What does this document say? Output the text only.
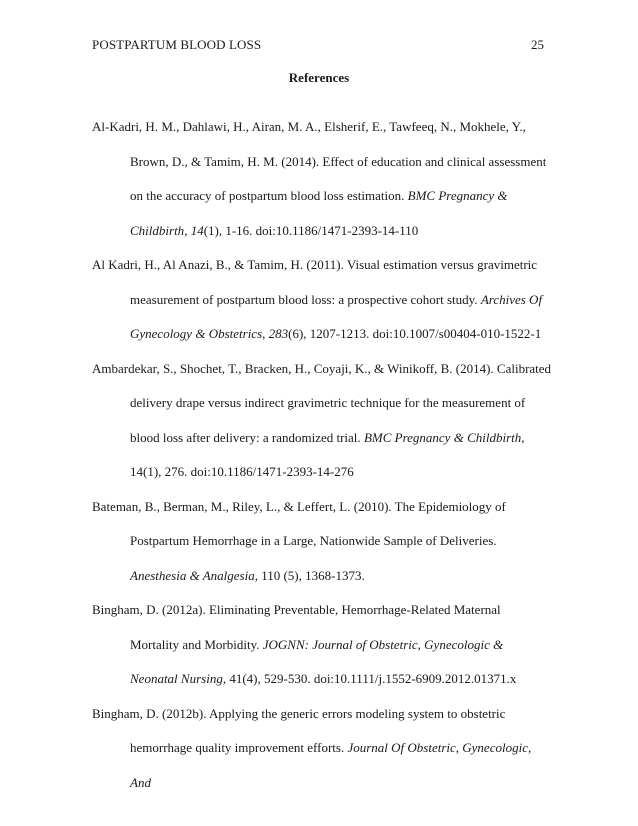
POSTPARTUM BLOOD LOSS	25
References

Al-Kadri, H. M., Dahlawi, H., Airan, M. A., Elsherif, E., Tawfeeq, N., Mokhele, Y., Brown, D., & Tamim, H. M. (2014). Effect of education and clinical assessment on the accuracy of postpartum blood loss estimation. BMC Pregnancy & Childbirth, 14(1), 1-16. doi:10.1186/1471-2393-14-110

Al Kadri, H., Al Anazi, B., & Tamim, H. (2011). Visual estimation versus gravimetric measurement of postpartum blood loss: a prospective cohort study. Archives Of Gynecology & Obstetrics, 283(6), 1207-1213. doi:10.1007/s00404-010-1522-1

Ambardekar, S., Shochet, T., Bracken, H., Coyaji, K., & Winikoff, B. (2014). Calibrated delivery drape versus indirect gravimetric technique for the measurement of blood loss after delivery: a randomized trial. BMC Pregnancy & Childbirth, 14(1), 276. doi:10.1186/1471-2393-14-276

Bateman, B., Berman, M., Riley, L., & Leffert, L. (2010). The Epidemiology of Postpartum Hemorrhage in a Large, Nationwide Sample of Deliveries. Anesthesia & Analgesia, 110 (5), 1368-1373.

Bingham, D. (2012a). Eliminating Preventable, Hemorrhage-Related Maternal Mortality and Morbidity. JOGNN: Journal of Obstetric, Gynecologic & Neonatal Nursing, 41(4), 529-530. doi:10.1111/j.1552-6909.2012.01371.x

Bingham, D. (2012b). Applying the generic errors modeling system to obstetric hemorrhage quality improvement efforts. Journal Of Obstetric, Gynecologic, And
